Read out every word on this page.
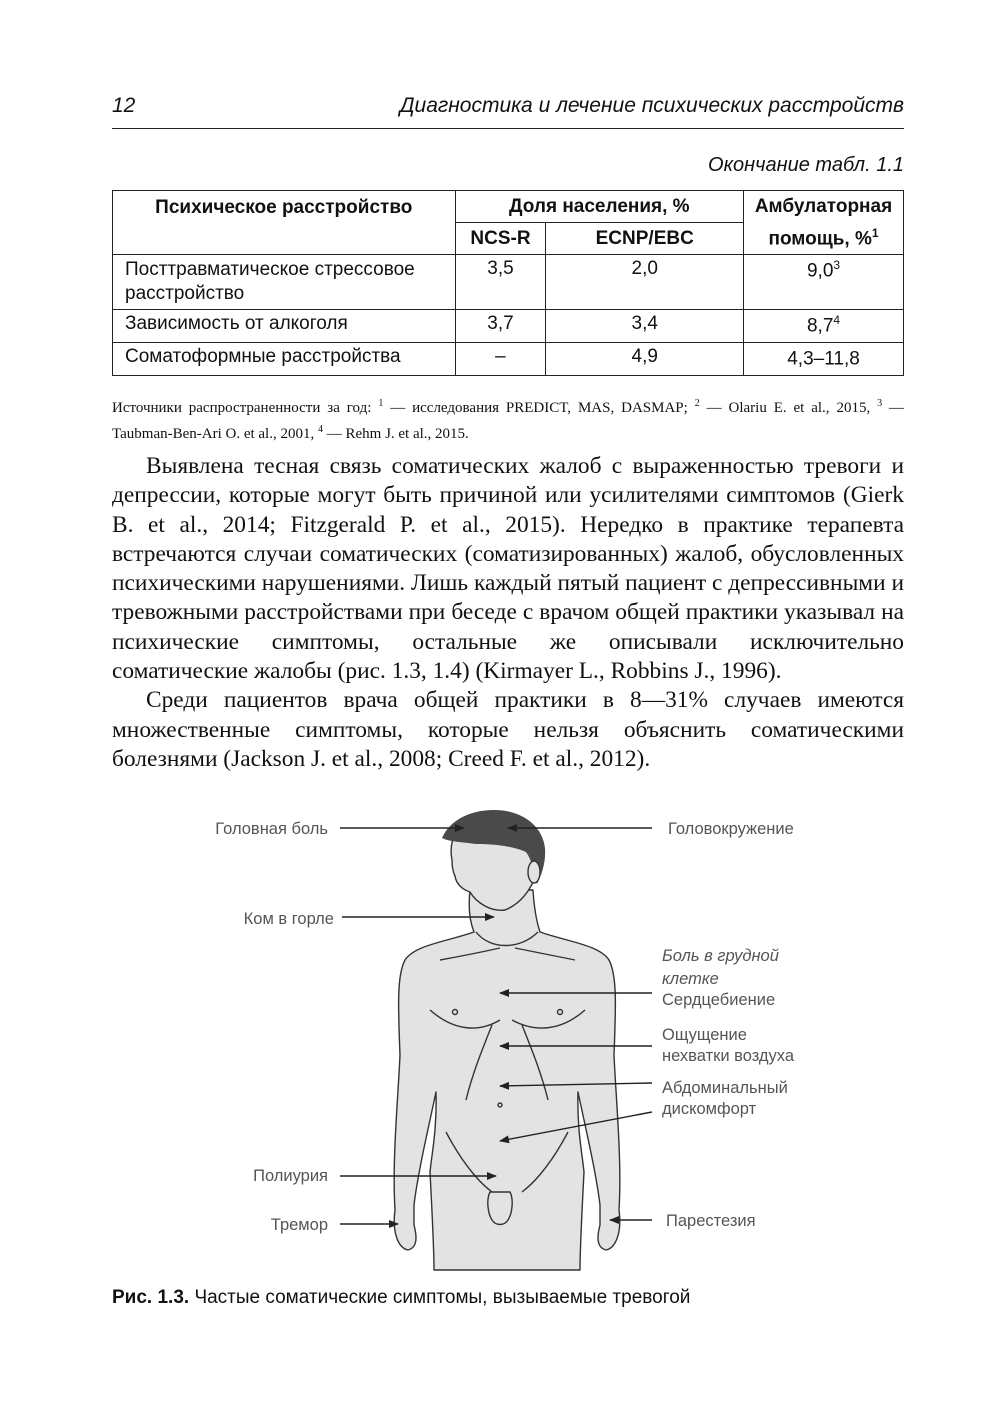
12	Диагностика и лечение психических расстройств
Окончание табл. 1.1
Психическое расстройство	Доля населения, %		Амбулаторная помощь, %$^1$
	NCS-R	ECNP/EBC	
Посттравматическое стрессовое расстройство	3,5	2,0	$9,0^3$
Зависимость от алкоголя	3,7	3,4	$8,7^4$
Соматоформные расстройства	–	4,9	4,3–11,8
Источники распространенности за год: $^1$ — исследования PREDICT, MAS, DASMAP; $^2$ — Olariu E. et al., 2015, $^3$ — Taubman-Ben-Ari O. et al., 2001, $^4$ — Rehm J. et al., 2015.

Выявлена тесная связь соматических жалоб с выраженностью тревоги и депрессии, которые могут быть причиной или усилителями симптомов (Gierk B. et al., 2014; Fitzgerald P. et al., 2015). Нередко в практике терапевта встречаются случаи соматических (соматизированных) жалоб, обусловленных психическими нарушениями. Лишь каждый пятый пациент с депрессивными и тревожными расстройствами при беседе с врачом общей практики указывал на психические симптомы, остальные же описывали исключительно соматические жалобы (рис. 1.3, 1.4) (Kirmayer L., Robbins J., 1996).

Среди пациентов врача общей практики в 8—31% случаев имеются множественные симптомы, которые нельзя объяснить соматическими болезнями (Jackson J. et al., 2008; Creed F. et al., 2012).

Головная боль	Головокружение
Ком в горле
Боль в грудной
клетке
Сердцебиение
Ощущение
нехватки воздуха
Абдоминальный
дискомфорт
Полиурия
Тремор	Парестезия
Рис. 1.3. Частые соматические симптомы, вызываемые тревогой
